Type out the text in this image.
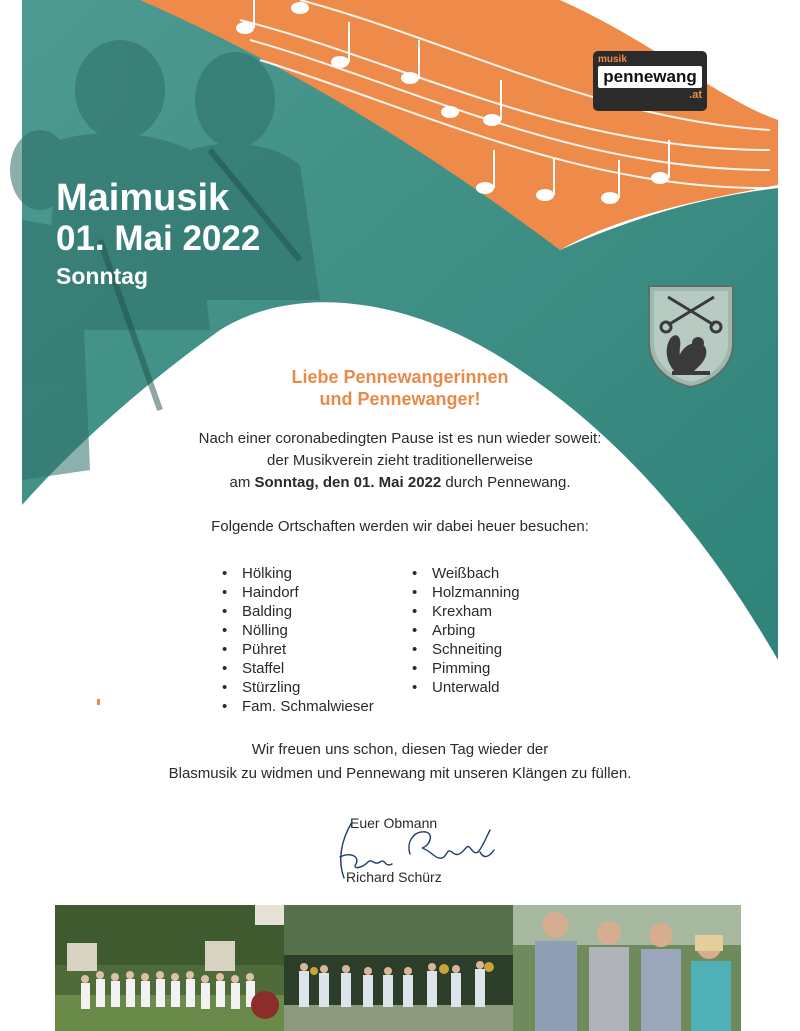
Maimusik
01. Mai 2022
Sonntag
musik
pennewang
.at
Liebe Pennewangerinnen
und Pennewanger!
Nach einer coronabedingten Pause ist es nun wieder soweit:
der Musikverein zieht traditionellerweise
am Sonntag, den 01. Mai 2022 durch Pennewang.
Folgende Ortschaften werden wir dabei heuer besuchen:
• Hölking
• Haindorf
• Balding
• Nölling
• Pühret
• Staffel
• Stürzling
• Fam. Schmalwieser
• Weißbach
• Holzmanning
• Krexham
• Arbing
• Schneiting
• Pimming
• Unterwald
Wir freuen uns schon, diesen Tag wieder der
Blasmusik zu widmen und Pennewang mit unseren Klängen zu füllen.
Euer Obmann
Richard Schürz
